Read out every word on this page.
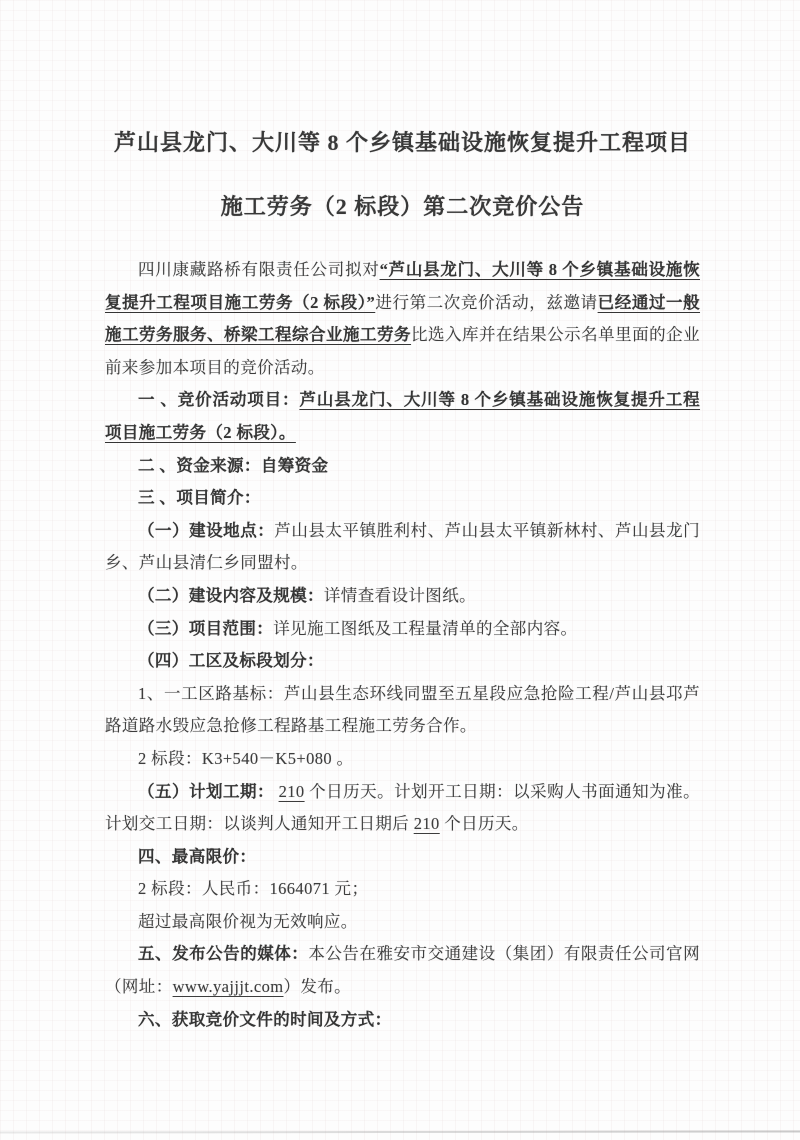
芦山县龙门、大川等 8 个乡镇基础设施恢复提升工程项目
施工劳务（2 标段）第二次竞价公告

四川康藏路桥有限责任公司拟对“芦山县龙门、大川等 8 个乡镇基础设施恢复提升工程项目施工劳务（2 标段）”进行第二次竞价活动，兹邀请已经通过一般施工劳务服务、桥梁工程综合业施工劳务比选入库并在结果公示名单里面的企业前来参加本项目的竞价活动。

一 、竞价活动项目：芦山县龙门、大川等 8 个乡镇基础设施恢复提升工程项目施工劳务（2 标段）。

二 、资金来源：自筹资金

三 、项目简介：

（一）建设地点：芦山县太平镇胜利村、芦山县太平镇新林村、芦山县龙门乡、芦山县清仁乡同盟村。

（二）建设内容及规模：详情查看设计图纸。

（三）项目范围：详见施工图纸及工程量清单的全部内容。

（四）工区及标段划分：

1、一工区路基标：芦山县生态环线同盟至五星段应急抢险工程/芦山县邛芦路道路水毁应急抢修工程路基工程施工劳务合作。

2 标段：K3+540－K5+080 。

（五）计划工期： 210 个日历天。计划开工日期：以采购人书面通知为准。计划交工日期：以谈判人通知开工日期后 210 个日历天。

四、最高限价：

2 标段：人民币：1664071 元；

超过最高限价视为无效响应。

五、发布公告的媒体：本公告在雅安市交通建设（集团）有限责任公司官网（网址：www.yajjjt.com）发布。

六、获取竞价文件的时间及方式：
